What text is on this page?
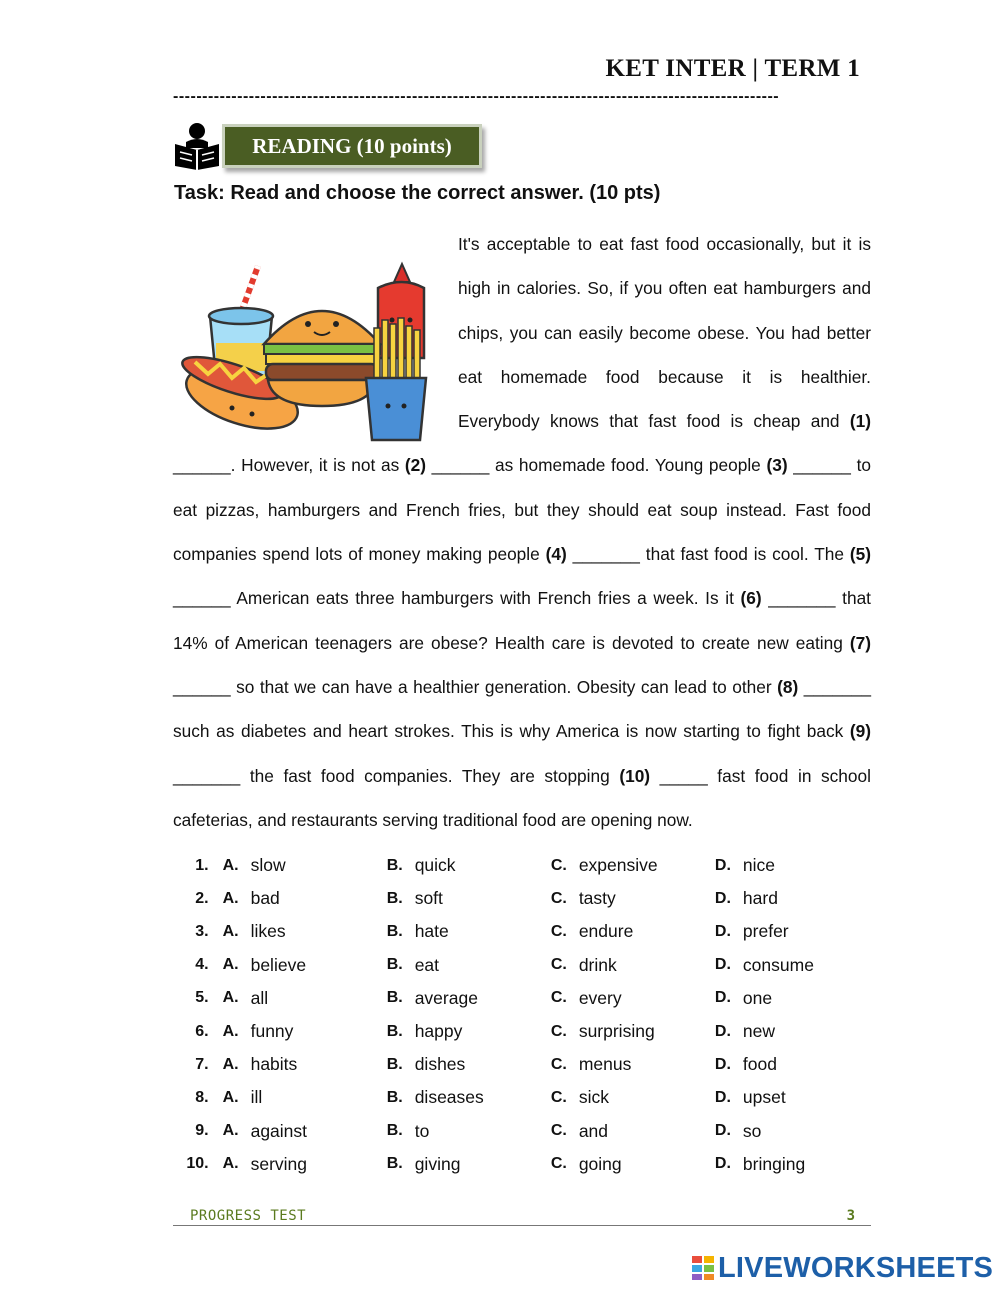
KET INTER | TERM 1
--------------------------------------------------------------------------------------------------------
READING (10 points)
Task: Read and choose the correct answer. (10 pts)
It's acceptable to eat fast food occasionally, but it is high in calories. So, if you often eat hamburgers and chips, you can easily become obese. You had better eat homemade food because it is healthier. Everybody knows that fast food is cheap and (1) ______. However, it is not as (2) ______ as homemade food. Young people (3) ______ to eat pizzas, hamburgers and French fries, but they should eat soup instead. Fast food companies spend lots of money making people (4) _______ that fast food is cool. The (5) ______ American eats three hamburgers with French fries a week. Is it (6) _______ that 14% of American teenagers are obese? Health care is devoted to create new eating (7) ______ so that we can have a healthier generation. Obesity can lead to other (8) _______ such as diabetes and heart strokes. This is why America is now starting to fight back (9) _______ the fast food companies. They are stopping (10) _____ fast food in school cafeterias, and restaurants serving traditional food are opening now.
1. A. slow	B. quick	C. expensive	D. nice
2. A. bad	B. soft	C. tasty	D. hard
3. A. likes	B. hate	C. endure	D. prefer
4. A. believe	B. eat	C. drink	D. consume
5. A. all	B. average	C. every	D. one
6. A. funny	B. happy	C. surprising	D. new
7. A. habits	B. dishes	C. menus	D. food
8. A. ill	B. diseases	C. sick	D. upset
9. A. against	B. to	C. and	D. so
10. A. serving	B. giving	C. going	D. bringing
PROGRESS TEST	3
LIVEWORKSHEETS
